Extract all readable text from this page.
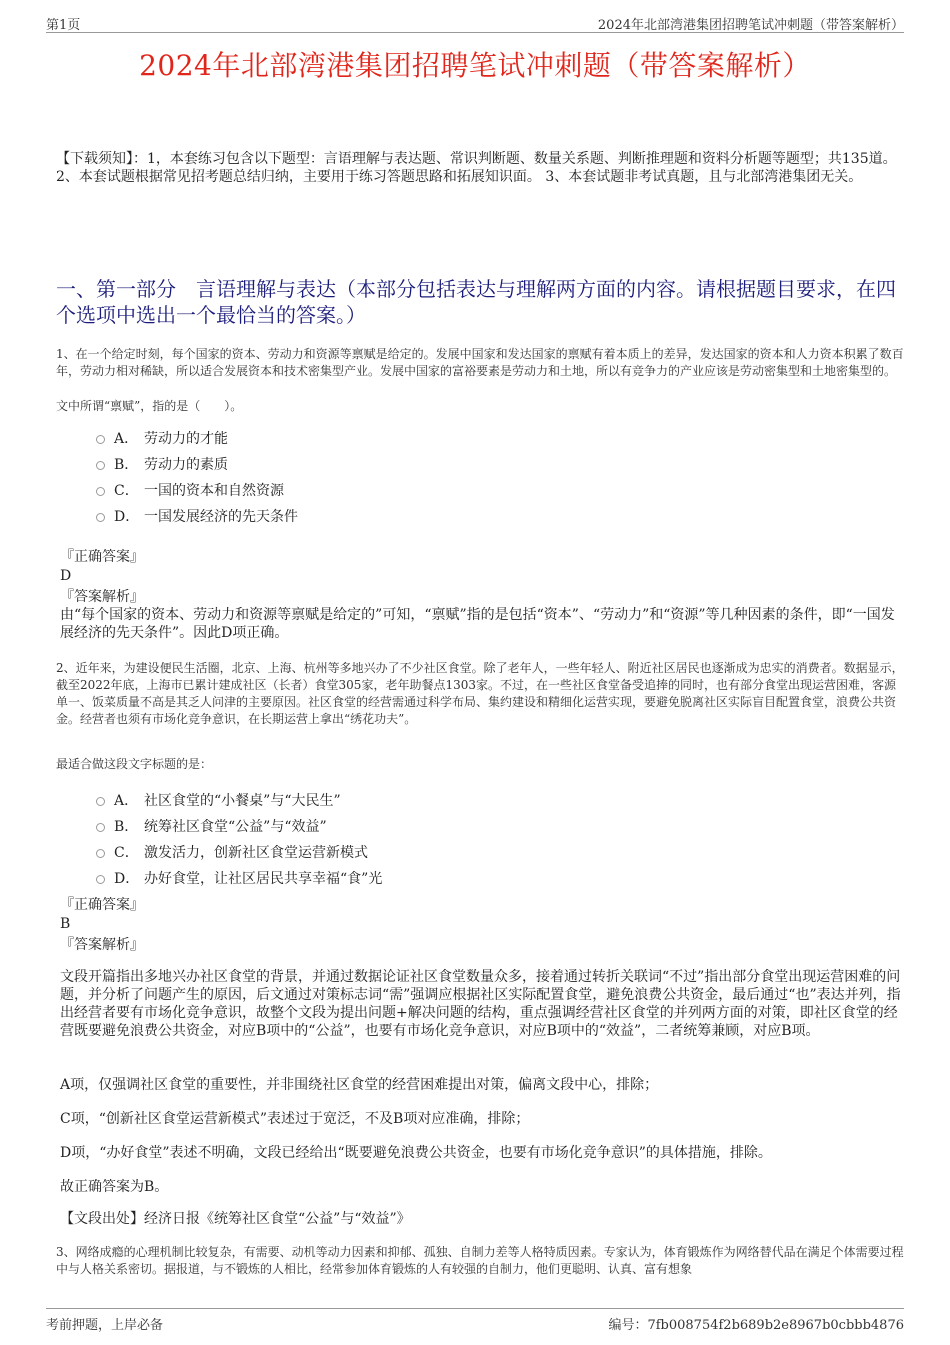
第1页	2024年北部湾港集团招聘笔试冲刺题（带答案解析）
2024年北部湾港集团招聘笔试冲刺题（带答案解析）
【下载须知】：1，本套练习包含以下题型：言语理解与表达题、常识判断题、数量关系题、判断推理题和资料分析题等题型；共135道。 2、本套试题根据常见招考题总结归纳，主要用于练习答题思路和拓展知识面。 3、本套试题非考试真题，且与北部湾港集团无关。
一、第一部分　言语理解与表达（本部分包括表达与理解两方面的内容。请根据题目要求，在四个选项中选出一个最恰当的答案。）
1、在一个给定时刻，每个国家的资本、劳动力和资源等禀赋是给定的。发展中国家和发达国家的禀赋有着本质上的差异，发达国家的资本和人力资本积累了数百年，劳动力相对稀缺，所以适合发展资本和技术密集型产业。发展中国家的富裕要素是劳动力和土地，所以有竞争力的产业应该是劳动密集型和土地密集型的。
文中所谓“禀赋”，指的是（　　）。
A． 劳动力的才能
B． 劳动力的素质
C． 一国的资本和自然资源
D． 一国发展经济的先天条件
『正确答案』
D
『答案解析』
由“每个国家的资本、劳动力和资源等禀赋是给定的”可知，“禀赋”指的是包括“资本”、“劳动力”和“资源”等几种因素的条件，即“一国发展经济的先天条件”。因此D项正确。
2、近年来，为建设便民生活圈，北京、上海、杭州等多地兴办了不少社区食堂。除了老年人，一些年轻人、附近社区居民也逐渐成为忠实的消费者。数据显示，截至2022年底，上海市已累计建成社区（长者）食堂305家，老年助餐点1303家。不过，在一些社区食堂备受追捧的同时，也有部分食堂出现运营困难，客源单一、饭菜质量不高是其乏人问津的主要原因。社区食堂的经营需通过科学布局、集约建设和精细化运营实现，要避免脱离社区实际盲目配置食堂，浪费公共资金。经营者也须有市场化竞争意识，在长期运营上拿出“绣花功夫”。
最适合做这段文字标题的是：
A． 社区食堂的“小餐桌”与“大民生”
B． 统筹社区食堂“公益”与“效益”
C． 激发活力，创新社区食堂运营新模式
D． 办好食堂，让社区居民共享幸福“食”光
『正确答案』
B
『答案解析』
文段开篇指出多地兴办社区食堂的背景，并通过数据论证社区食堂数量众多，接着通过转折关联词“不过”指出部分食堂出现运营困难的问题，并分析了问题产生的原因，后文通过对策标志词“需”强调应根据社区实际配置食堂，避免浪费公共资金，最后通过“也”表达并列，指出经营者要有市场化竞争意识，故整个文段为提出问题+解决问题的结构，重点强调经营社区食堂的并列两方面的对策，即社区食堂的经营既要避免浪费公共资金，对应B项中的“公益”，也要有市场化竞争意识，对应B项中的“效益”，二者统筹兼顾，对应B项。
A项，仅强调社区食堂的重要性，并非围绕社区食堂的经营困难提出对策，偏离文段中心，排除；
C项，“创新社区食堂运营新模式”表述过于宽泛，不及B项对应准确，排除；
D项，“办好食堂”表述不明确，文段已经给出“既要避免浪费公共资金，也要有市场化竞争意识”的具体措施，排除。
故正确答案为B。
【文段出处】经济日报《统筹社区食堂“公益”与“效益”》
3、网络成瘾的心理机制比较复杂，有需要、动机等动力因素和抑郁、孤独、自制力差等人格特质因素。专家认为，体育锻炼作为网络替代品在满足个体需要过程中与人格关系密切。据报道，与不锻炼的人相比，经常参加体育锻炼的人有较强的自制力，他们更聪明、认真、富有想象
考前押题，上岸必备	编号：7fb008754f2b689b2e8967b0cbbb4876
